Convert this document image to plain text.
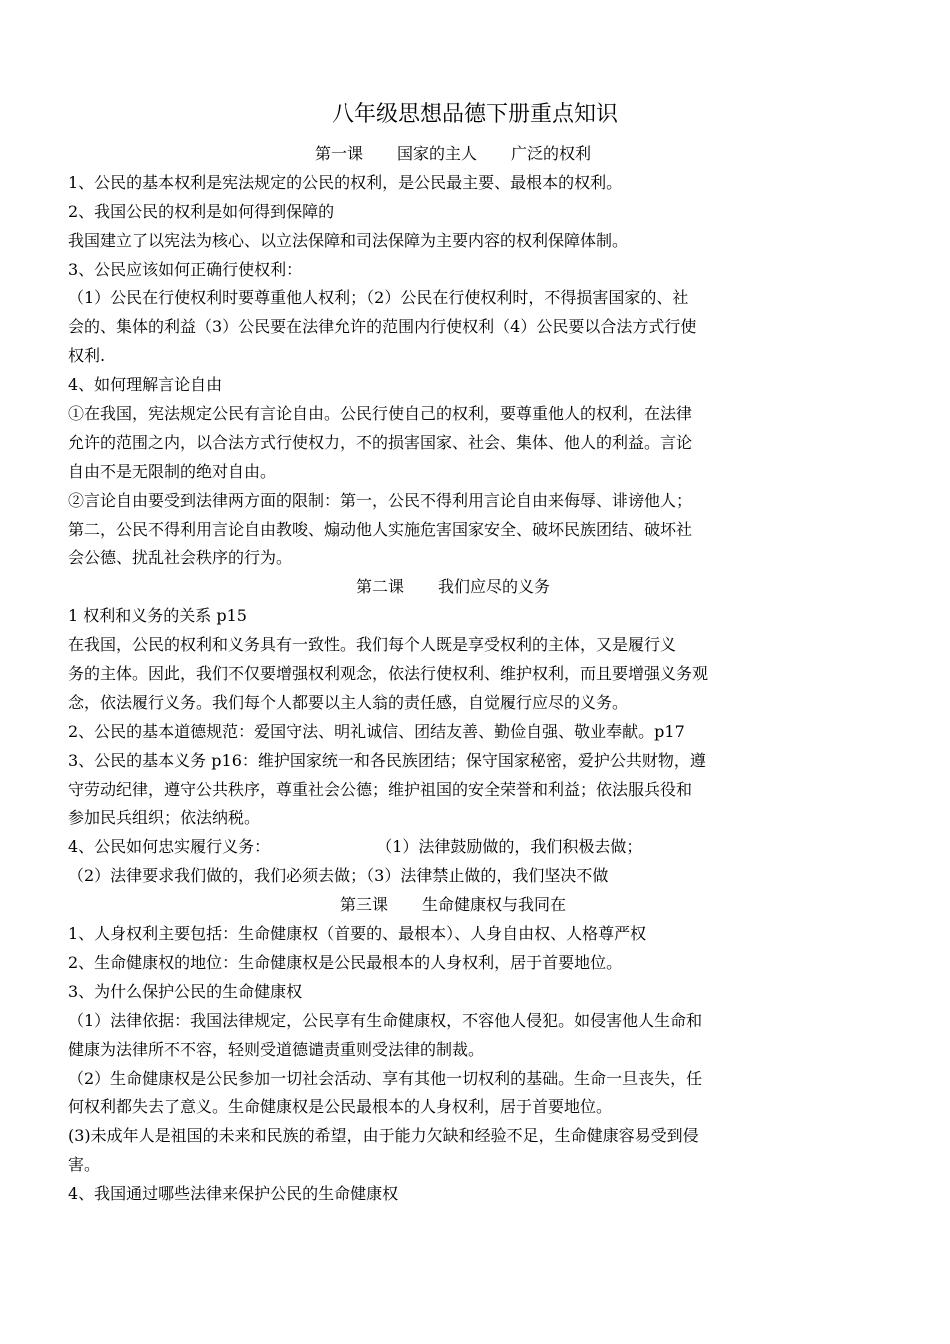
八年级思想品德下册重点知识
第一课 国家的主人 广泛的权利
1、公民的基本权利是宪法规定的公民的权利，是公民最主要、最根本的权利。
2、我国公民的权利是如何得到保障的
我国建立了以宪法为核心、以立法保障和司法保障为主要内容的权利保障体制。
3、公民应该如何正确行使权利：
（1）公民在行使权利时要尊重他人权利；（2）公民在行使权利时，不得损害国家的、社
会的、集体的利益（3）公民要在法律允许的范围内行使权利（4）公民要以合法方式行使
权利.
4、如何理解言论自由
①在我国，宪法规定公民有言论自由。公民行使自己的权利，要尊重他人的权利，在法律
允许的范围之内，以合法方式行使权力，不的损害国家、社会、集体、他人的利益。言论
自由不是无限制的绝对自由。
②言论自由要受到法律两方面的限制：第一，公民不得利用言论自由来侮辱、诽谤他人；
第二，公民不得利用言论自由教唆、煽动他人实施危害国家安全、破坏民族团结、破坏社
会公德、扰乱社会秩序的行为。
第二课 我们应尽的义务
1 权利和义务的关系 p15
在我国，公民的权利和义务具有一致性。我们每个人既是享受权利的主体，又是履行义
务的主体。因此，我们不仅要增强权利观念，依法行使权利、维护权利，而且要增强义务观
念，依法履行义务。我们每个人都要以主人翁的责任感，自觉履行应尽的义务。
2、公民的基本道德规范：爱国守法、明礼诚信、团结友善、勤俭自强、敬业奉献。p17
3、公民的基本义务 p16：维护国家统一和各民族团结；保守国家秘密，爱护公共财物，遵
守劳动纪律，遵守公共秩序，尊重社会公德；维护祖国的安全荣誉和利益；依法服兵役和
参加民兵组织；依法纳税。
4、公民如何忠实履行义务：	（1）法律鼓励做的，我们积极去做；
（2）法律要求我们做的，我们必须去做；（3）法律禁止做的，我们坚决不做
第三课 生命健康权与我同在
1、人身权利主要包括：生命健康权（首要的、最根本）、人身自由权、人格尊严权
2、生命健康权的地位：生命健康权是公民最根本的人身权利，居于首要地位。
3、为什么保护公民的生命健康权
（1）法律依据：我国法律规定，公民享有生命健康权，不容他人侵犯。如侵害他人生命和
健康为法律所不不容，轻则受道德谴责重则受法律的制裁。
（2）生命健康权是公民参加一切社会活动、享有其他一切权利的基础。生命一旦丧失，任
何权利都失去了意义。生命健康权是公民最根本的人身权利，居于首要地位。
(3)未成年人是祖国的未来和民族的希望，由于能力欠缺和经验不足，生命健康容易受到侵
害。
4、我国通过哪些法律来保护公民的生命健康权
